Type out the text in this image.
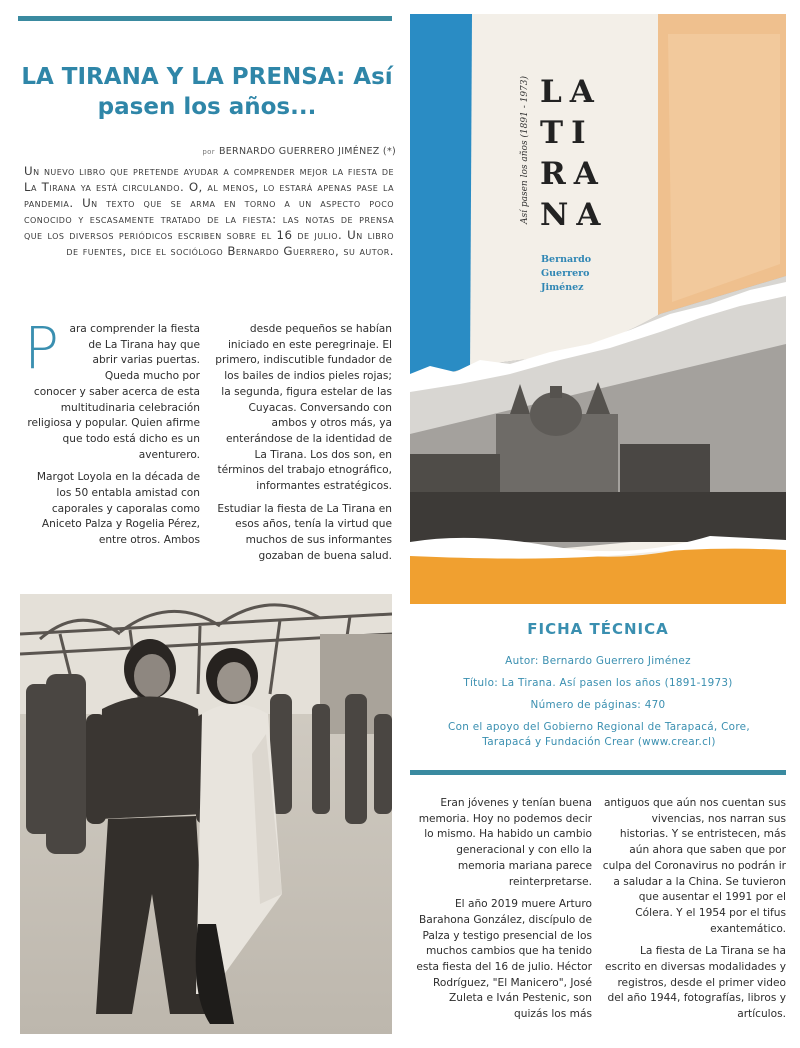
LA TIRANA Y LA PRENSA: Así pasen los años...
por BERNARDO GUERRERO JIMÉNEZ (*)

Un nuevo libro que pretende ayudar a comprender mejor la fiesta de La Tirana ya está circulando. O, al menos, lo estará apenas pase la pandemia. Un texto que se arma en torno a un aspecto poco conocido y escasamente tratado de la fiesta: las notas de prensa que los diversos periódicos escriben sobre el 16 de julio. Un libro de fuentes, dice el sociólogo Bernardo Guerrero, su autor.

Para comprender la fiesta de La Tirana hay que abrir varias puertas. Queda mucho por conocer y saber acerca de esta multitudinaria celebración religiosa y popular. Quien afirme que todo está dicho es un aventurero.

Margot Loyola en la década de los 50 entabla amistad con caporales y caporalas como Aniceto Palza y Rogelia Pérez, entre otros. Ambos

desde pequeños se habían iniciado en este peregrinaje. El primero, indiscutible fundador de los bailes de indios pieles rojas; la segunda, figura estelar de las Cuyacas. Conversando con ambos y otros más, ya enterándose de la identidad de La Tirana. Los dos son, en términos del trabajo etnográfico, informantes estratégicos.

Estudiar la fiesta de La Tirana en esos años, tenía la virtud que muchos de sus informantes gozaban de buena salud.

Así pasen los años (1891 - 1973) LA
TI
RA
NA
Bernardo
Guerrero
Jiménez
FICHA TÉCNICA
Autor: Bernardo Guerrero Jiménez
Título: La Tirana. Así pasen los años (1891-1973)
Número de páginas: 470
Con el apoyo del Gobierno Regional de Tarapacá, Core, Tarapacá y Fundación Crear (www.crear.cl)

Eran jóvenes y tenían buena memoria. Hoy no podemos decir lo mismo. Ha habido un cambio generacional y con ello la memoria mariana parece reinterpretarse.

El año 2019 muere Arturo Barahona González, discípulo de Palza y testigo presencial de los muchos cambios que ha tenido esta fiesta del 16 de julio. Héctor Rodríguez, "El Manicero", José Zuleta e Iván Pestenic, son quizás los más

antiguos que aún nos cuentan sus vivencias, nos narran sus historias. Y se entristecen, más aún ahora que saben que por culpa del Coronavirus no podrán ir a saludar a la China. Se tuvieron que ausentar el 1991 por el Cólera. Y el 1954 por el tifus exantemático.

La fiesta de La Tirana se ha escrito en diversas modalidades y registros, desde el primer video del año 1944, fotografías, libros y artículos.
